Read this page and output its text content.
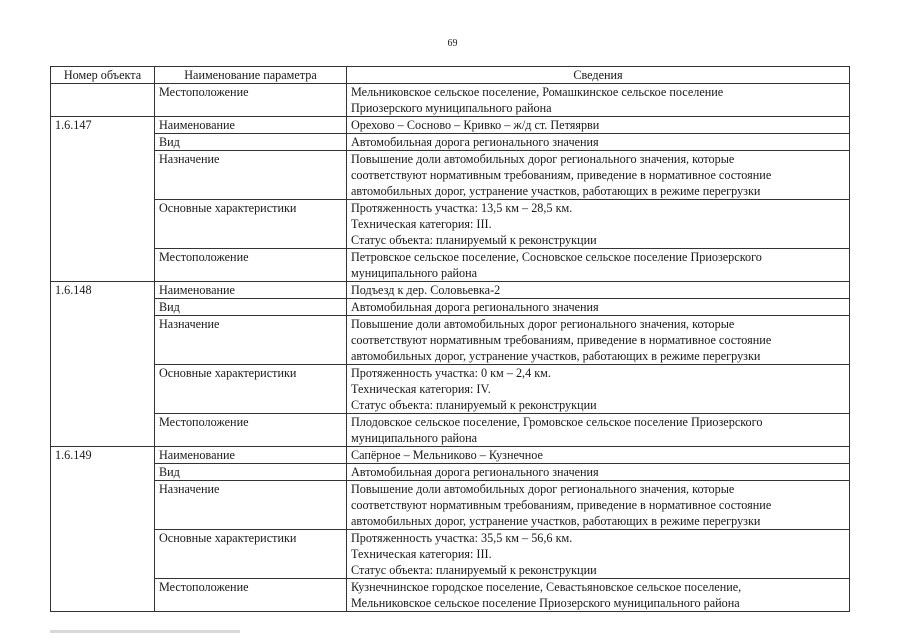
69
Номер объекта	Наименование параметра	Сведения
	Местоположение	Мельниковское сельское поселение, Ромашкинское сельское поселение
Приозерского муниципального района

1.6.147	Наименование	Орехово – Сосново – Кривко – ж/д ст. Петяярви

	Вид	Автомобильная дорога регионального значения

	Назначение	Повышение доли автомобильных дорог регионального значения, которые
соответствуют нормативным требованиям, приведение в нормативное состояние
автомобильных дорог, устранение участков, работающих в режиме перегрузки

	Основные характеристики	Протяженность участка: 13,5 км – 28,5 км.
Техническая категория: III.
Статус объекта: планируемый к реконструкции

	Местоположение	Петровское сельское поселение, Сосновское сельское поселение Приозерского
муниципального района

1.6.148	Наименование	Подъезд к дер. Соловьевка-2

	Вид	Автомобильная дорога регионального значения

	Назначение	Повышение доли автомобильных дорог регионального значения, которые
соответствуют нормативным требованиям, приведение в нормативное состояние
автомобильных дорог, устранение участков, работающих в режиме перегрузки

	Основные характеристики	Протяженность участка: 0 км – 2,4 км.
Техническая категория: IV.
Статус объекта: планируемый к реконструкции

	Местоположение	Плодовское сельское поселение, Громовское сельское поселение Приозерского
муниципального района

1.6.149	Наименование	Сапёрное – Мельниково – Кузнечное

	Вид	Автомобильная дорога регионального значения

	Назначение	Повышение доли автомобильных дорог регионального значения, которые
соответствуют нормативным требованиям, приведение в нормативное состояние
автомобильных дорог, устранение участков, работающих в режиме перегрузки

	Основные характеристики	Протяженность участка: 35,5 км – 56,6 км.
Техническая категория: III.
Статус объекта: планируемый к реконструкции

	Местоположение	Кузнечнинское городское поселение, Севастьяновское сельское поселение,
Мельниковское сельское поселение Приозерского муниципального района
